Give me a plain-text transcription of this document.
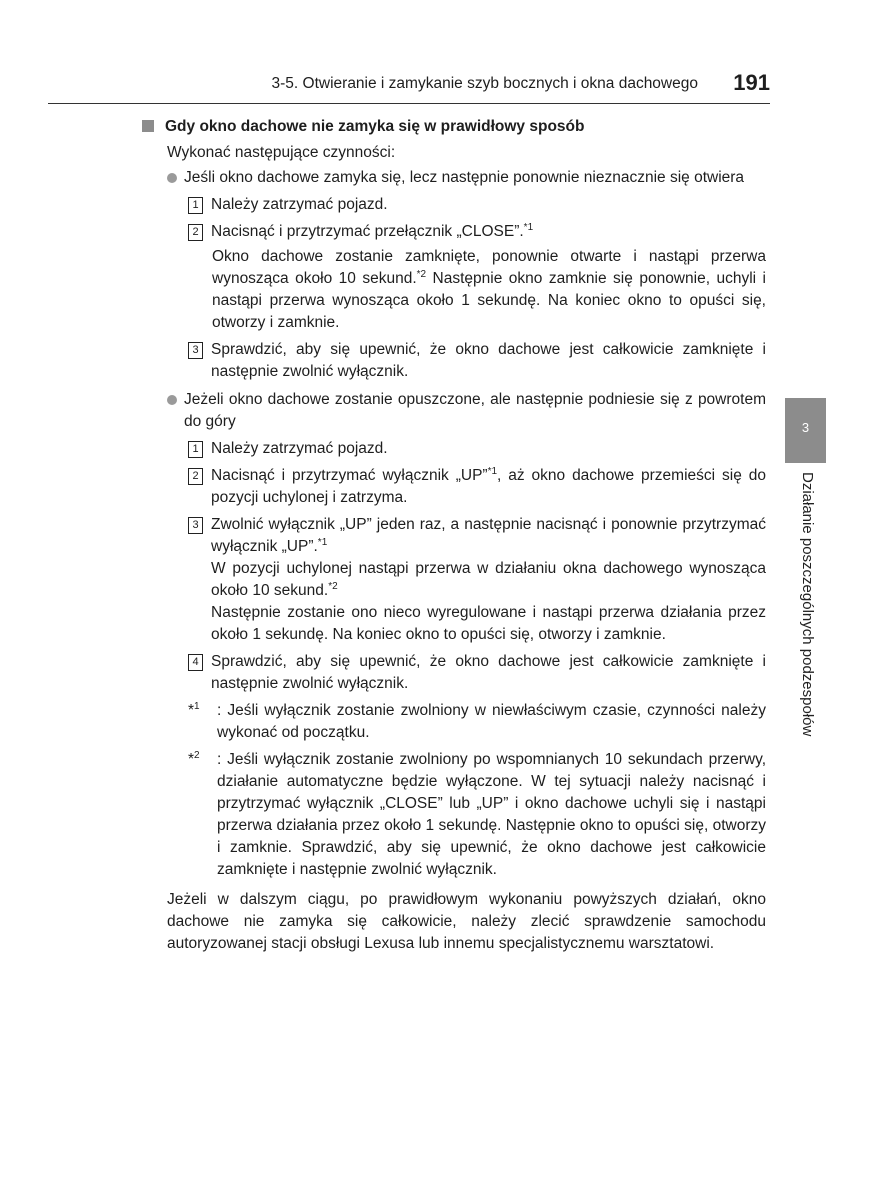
3-5. Otwieranie i zamykanie szyb bocznych i okna dachowego	191
3
Działanie poszczególnych podzespołów
Gdy okno dachowe nie zamyka się w prawidłowy sposób
Wykonać następujące czynności:
Jeśli okno dachowe zamyka się, lecz następnie ponownie nieznacznie się otwiera
1 Należy zatrzymać pojazd.
2 Nacisnąć i przytrzymać przełącznik „CLOSE”.$^{*1}$
Okno dachowe zostanie zamknięte, ponownie otwarte i nastąpi przerwa wynosząca około 10 sekund.$^{*2}$ Następnie okno zamknie się ponownie, uchyli i nastąpi przerwa wynosząca około 1 sekundę. Na koniec okno to opuści się, otworzy i zamknie.
3 Sprawdzić, aby się upewnić, że okno dachowe jest całkowicie zamknięte i następnie zwolnić wyłącznik.
Jeżeli okno dachowe zostanie opuszczone, ale następnie podniesie się z powrotem do góry
1 Należy zatrzymać pojazd.
2 Nacisnąć i przytrzymać wyłącznik „UP”$^{*1}$, aż okno dachowe przemieści się do pozycji uchylonej i zatrzyma.
3 Zwolnić wyłącznik „UP” jeden raz, a następnie nacisnąć i ponownie przytrzymać wyłącznik „UP”.$^{*1}$
W pozycji uchylonej nastąpi przerwa w działaniu okna dachowego wynosząca około 10 sekund.$^{*2}$
Następnie zostanie ono nieco wyregulowane i nastąpi przerwa działania przez około 1 sekundę. Na koniec okno to opuści się, otworzy i zamknie.
4 Sprawdzić, aby się upewnić, że okno dachowe jest całkowicie zamknięte i następnie zwolnić wyłącznik.
*$^1$	: Jeśli wyłącznik zostanie zwolniony w niewłaściwym czasie, czynności należy wykonać od początku.
*$^2$	: Jeśli wyłącznik zostanie zwolniony po wspomnianych 10 sekundach przerwy, działanie automatyczne będzie wyłączone. W tej sytuacji należy nacisnąć i przytrzymać wyłącznik „CLOSE” lub „UP” i okno dachowe uchyli się i nastąpi przerwa działania przez około 1 sekundę. Następnie okno to opuści się, otworzy i zamknie. Sprawdzić, aby się upewnić, że okno dachowe jest całkowicie zamknięte i następnie zwolnić wyłącznik.
Jeżeli w dalszym ciągu, po prawidłowym wykonaniu powyższych działań, okno dachowe nie zamyka się całkowicie, należy zlecić sprawdzenie samochodu autoryzowanej stacji obsługi Lexusa lub innemu specjalistycznemu warsztatowi.
